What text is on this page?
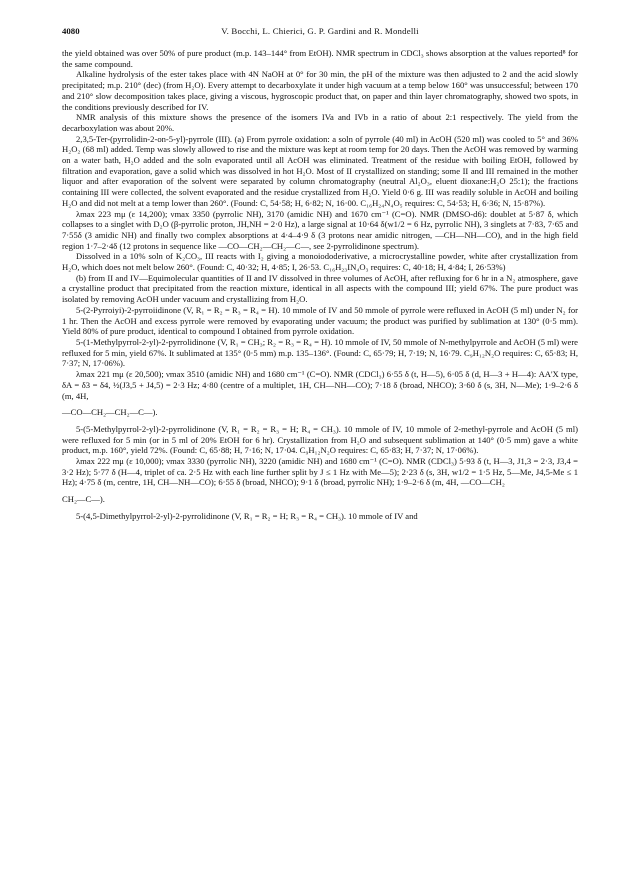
4080	V. Bocchi, L. Chierici, G. P. Gardini and R. Mondelli

the yield obtained was over 50% of pure product (m.p. 143–144° from EtOH). NMR spectrum in CDCl₃ shows absorption at the values reported⁸ for the same compound.

Alkaline hydrolysis of the ester takes place with 4N NaOH at 0° for 30 min, the pH of the mixture was then adjusted to 2 and the acid slowly precipitated; m.p. 210° (dec) (from H₂O). Every attempt to decarboxylate it under high vacuum at a temp below 160° was unsuccessful; between 170 and 210° slow decomposition takes place, giving a viscous, hygroscopic product that, on paper and thin layer chromatography, showed two spots, in the conditions previously described for IV.

NMR analysis of this mixture shows the presence of the isomers IVa and IVb in a ratio of about 2:1 respectively. The yield from the decarboxylation was about 20%.

2,3,5-Ter-(pyrrolidin-2-on-5-yl)-pyrrole (III). (a) From pyrrole oxidation: a soln of pyrrole (40 ml) in AcOH (520 ml) was cooled to 5° and 36% H₂O₂ (68 ml) added. Temp was slowly allowed to rise and the mixture was kept at room temp for 20 days. Then the AcOH was removed by warming on a water bath, H₂O added and the soln evaporated until all AcOH was eliminated. Treatment of the residue with boiling EtOH, followed by filtration and evaporation, gave a solid which was dissolved in hot H₂O. Most of II crystallized on standing; some II and III remained in the mother liquor and after evaporation of the solvent were separated by column chromatography (neutral Al₂O₃, eluent dioxane:H₂O 25:1); the fractions containing III were collected, the solvent evaporated and the residue crystallized from H₂O. Yield 0·6 g. III was readily soluble in AcOH and boiling H₂O and did not melt at a temp lower than 260°. (Found: C, 54·58; H, 6·82; N, 16·00. C₁₆H₂₄N₄O₅ requires: C, 54·53; H, 6·36; N, 15·87%).

λmax 223 mμ (ε 14,200); νmax 3350 (pyrrolic NH), 3170 (amidic NH) and 1670 cm⁻¹ (C=O). NMR (DMSO-d6): doublet at 5·87 δ, which collapses to a singlet with D₂O (β-pyrrolic proton, JH,NH = 2·0 Hz), a large signal at 10·64 δ(w1/2 = 6 Hz, pyrrolic NH), 3 singlets at 7·83, 7·65 and 7·55δ (3 amidic NH) and finally two complex absorptions at 4·4–4·9 δ (3 protons near amidic nitrogen, —CH—NH—CO), and in the high field region 1·7–2·4δ (12 protons in sequence like —CO—CH₂—CH₂—C—, see 2-pyrrolidinone spectrum).

Dissolved in a 10% soln of K₂CO₃, III reacts with I₂ giving a monoiododerivative, a microcrystalline powder, white after crystallization from H₂O, which does not melt below 260°. (Found: C, 40·32; H, 4·85; I, 26·53. C₁₆H₂₃IN₄O₃ requires: C, 40·18; H, 4·84; I, 26·53%)

(b) from II and IV—Equimolecular quantities of II and IV dissolved in three volumes of AcOH, after refluxing for 6 hr in a N₂ atmosphere, gave a crystalline product that precipitated from the reaction mixture, identical in all aspects with the compound III; yield 67%. The pure product was isolated by removing AcOH under vacuum and crystallizing from H₂O.

5-(2-Pyrroiyi)-2-pyrroiidinone (V, R₁ = R₂ = R₃ = R₄ = H). 10 mmole of IV and 50 mmole of pyrrole were refluxed in AcOH (5 ml) under N₂ for 1 hr. Then the AcOH and excess pyrrole were removed by evaporating under vacuum; the product was purified by sublimation at 130° (0·5 mm). Yield 80% of pure product, identical to compound I obtained from pyrrole oxidation.

5-(1-Methylpyrrol-2-yl)-2-pyrrolidinone (V, R₁ = CH₃; R₂ = R₃ = R₄ = H). 10 mmole of IV, 50 mmole of N-methylpyrrole and AcOH (5 ml) were refluxed for 5 min, yield 67%. It sublimated at 135° (0·5 mm) m.p. 135–136°. (Found: C, 65·79; H, 7·19; N, 16·79. C₉H₁₂N₂O requires: C, 65·83; H, 7·37; N, 17·06%).

λmax 221 mμ (ε 20,500); νmax 3510 (amidic NH) and 1680 cm⁻¹ (C=O). NMR (CDCl₃) 6·55 δ (t, H—5), 6·05 δ (d, H—3 + H—4): AA'X type, δA = δ3 = δ4, ½(J3,5 + J4,5) = 2·3 Hz; 4·80 (centre of a multiplet, 1H, CH—NH—CO); 7·18 δ (broad, NHCO); 3·60 δ (s, 3H, N—Me); 1·9–2·6 δ (m, 4H,

—CO—CH₂—CH₂—C—).

5-(5-Methylpyrrol-2-yl)-2-pyrrolidinone (V, R₁ = R₂ = R₃ = H; R₄ = CH₃). 10 mmole of IV, 10 mmole of 2-methyl-pyrrole and AcOH (5 ml) were refluxed for 5 min (or in 5 ml of 20% EtOH for 6 hr). Crystallization from H₂O and subsequent sublimation at 140° (0·5 mm) gave a white product, m.p. 160°, yield 72%. (Found: C, 65·88; H, 7·16; N, 17·04. C₉H₁₂N₂O requires: C, 65·83; H, 7·37; N, 17·06%).

λmax 222 mμ (ε 10,000); νmax 3330 (pyrrolic NH), 3220 (amidic NH) and 1680 cm⁻¹ (C=O). NMR (CDCl₃) 5·93 δ (t, H—3, J1,3 = 2·3, J3,4 = 3·2 Hz); 5·77 δ (H—4, triplet of ca. 2·5 Hz with each line further split by J ≤ 1 Hz with Me—5); 2·23 δ (s, 3H, w1/2 = 1·5 Hz, 5—Me, J4,5-Me ≤ 1 Hz); 4·75 δ (m, centre, 1H, CH—NH—CO); 6·55 δ (broad, NHCO); 9·1 δ (broad, pyrrolic NH); 1·9–2·6 δ (m, 4H, —CO—CH₂

CH₂—C—).

5-(4,5-Dimethylpyrrol-2-yl)-2-pyrrolidinone (V, R₁ = R₂ = H; R₃ = R₄ = CH₃). 10 mmole of IV and
